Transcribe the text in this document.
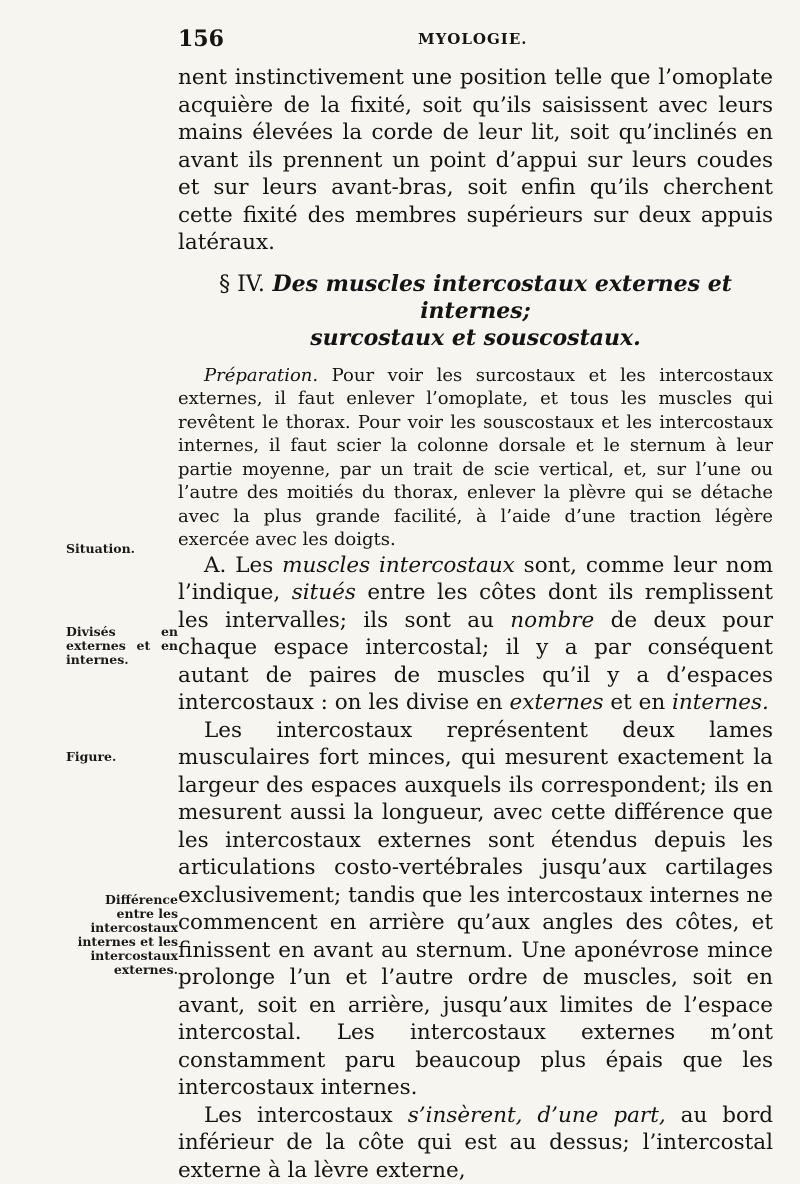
156	MYOLOGIE.
Situation.
Divisés en externes et en internes.
Figure.
Différence entre les intercostaux internes et les intercostaux externes.

nent instinctivement une position telle que l’omoplate acquière de la fixité, soit qu’ils saisissent avec leurs mains élevées la corde de leur lit, soit qu’inclinés en avant ils prennent un point d’appui sur leurs coudes et sur leurs avant-bras, soit enfin qu’ils cherchent cette fixité des membres supérieurs sur deux appuis latéraux.

§ IV. Des muscles intercostaux externes et internes;
surcostaux et souscostaux.

Préparation. Pour voir les surcostaux et les intercostaux externes, il faut enlever l’omoplate, et tous les muscles qui revêtent le thorax. Pour voir les souscostaux et les intercostaux internes, il faut scier la colonne dorsale et le sternum à leur partie moyenne, par un trait de scie vertical, et, sur l’une ou l’autre des moitiés du thorax, enlever la plèvre qui se détache avec la plus grande facilité, à l’aide d’une traction légère exercée avec les doigts.

A. Les muscles intercostaux sont, comme leur nom l’indique, situés entre les côtes dont ils remplissent les intervalles; ils sont au nombre de deux pour chaque espace intercostal; il y a par conséquent autant de paires de muscles qu’il y a d’espaces intercostaux : on les divise en externes et en internes.

Les intercostaux représentent deux lames musculaires fort minces, qui mesurent exactement la largeur des espaces auxquels ils correspondent; ils en mesurent aussi la longueur, avec cette différence que les intercostaux externes sont étendus depuis les articulations costo-vertébrales jusqu’aux cartilages exclusivement; tandis que les intercostaux internes ne commencent en arrière qu’aux angles des côtes, et finissent en avant au sternum. Une aponévrose mince prolonge l’un et l’autre ordre de muscles, soit en avant, soit en arrière, jusqu’aux limites de l’espace intercostal. Les intercostaux externes m’ont constamment paru beaucoup plus épais que les intercostaux internes.

Les intercostaux s’insèrent, d’une part, au bord inférieur de la côte qui est au dessus; l’intercostal externe à la lèvre externe,
